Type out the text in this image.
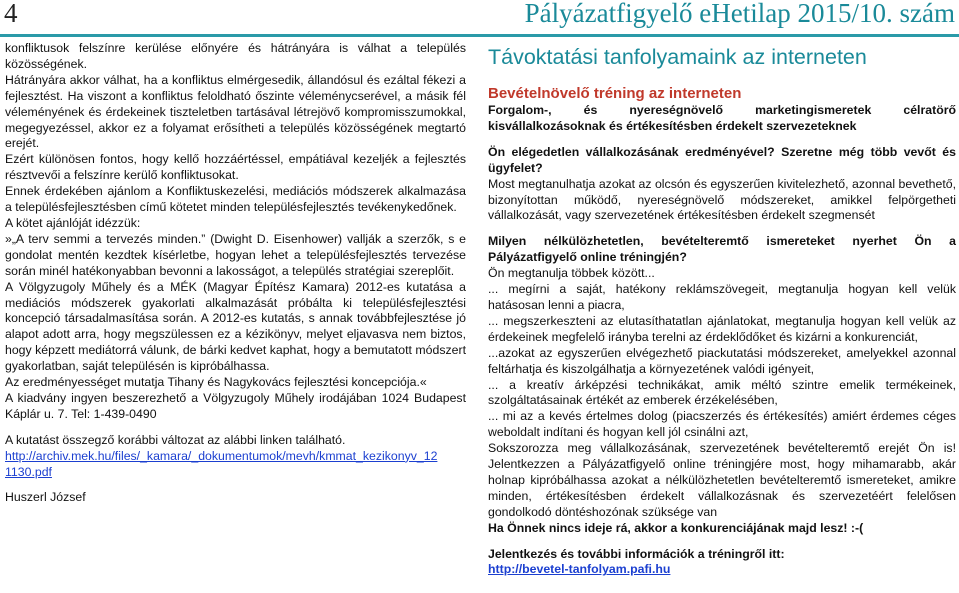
4	Pályázatfigyelő eHetilap 2015/10. szám

konfliktusok felszínre kerülése előnyére és hátrányára is válhat a település közösségének.

Hátrányára akkor válhat, ha a konfliktus elmérgesedik, állandósul és ezáltal fékezi a fejlesztést. Ha viszont a konfliktus feloldható őszinte véleménycserével, a másik fél véleményének és érdekeinek tiszteletben tartásával létrejövő kompromisszumokkal, megegyezéssel, akkor ez a folyamat erősítheti a település közösségének megtartó erejét.

Ezért különösen fontos, hogy kellő hozzáértéssel, empátiával kezeljék a fejlesztés résztvevői a felszínre kerülő konfliktusokat.

Ennek érdekében ajánlom a Konfliktuskezelési, mediációs módszerek alkalmazása a településfejlesztésben című kötetet minden településfejlesztés tevékenykedőnek.

A kötet ajánlóját idézzük:

»„A terv semmi a tervezés minden.” (Dwight D. Eisenhower) vallják a szerzők, s e gondolat mentén kezdtek kísérletbe, hogyan lehet a településfejlesztés tervezése során minél hatékonyabban bevonni a lakosságot, a település stratégiai szereplőit.

A Völgyzugoly Műhely és a MÉK (Magyar Építész Kamara) 2012-es kutatása a mediációs módszerek gyakorlati alkalmazását próbálta ki településfejlesztési koncepció társadalmasítása során. A 2012-es kutatás, s annak továbbfejlesztése jó alapot adott arra, hogy megszülessen ez a kézikönyv, melyet eljavasva nem biztos, hogy képzett mediátorrá válunk, de bárki kedvet kaphat, hogy a bemutatott módszert gyakorlatban, saját településén is kipróbálhassa.

Az eredményességet mutatja Tihany és Nagykovács fejlesztési koncepciója.«

A kiadvány ingyen beszerezhető a Völgyzugoly Műhely irodájában 1024 Budapest Káplár u. 7. Tel: 1-439-0490

A kutatást összegző korábbi változat az alábbi linken található.

http://archiv.mek.hu/files/_kamara/_dokumentumok/mevh/kmmat_kezikonyv_12 1130.pdf

Huszerl József

Távoktatási tanfolyamaink az interneten

Bevételnövelő tréning az interneten

Forgalom-, és nyereségnövelő marketingismeretek célratörő kisvállalkozásoknak és értékesítésben érdekelt szervezeteknek

Ön elégedetlen vállalkozásának eredményével? Szeretne még több vevőt és ügyfelet?

Most megtanulhatja azokat az olcsón és egyszerűen kivitelezhető, azonnal bevethető, bizonyítottan működő, nyereségnövelő módszereket, amikkel felpörgetheti vállalkozását, vagy szervezetének értékesítésben érdekelt szegmensét

Milyen nélkülözhetetlen, bevételteremtő ismereteket nyerhet Ön a Pályázatfigyelő online tréningjén?

Ön megtanulja többek között...

... megírni a saját, hatékony reklámszövegeit, megtanulja hogyan kell velük hatásosan lenni a piacra,

... megszerkeszteni az elutasíthatatlan ajánlatokat, megtanulja hogyan kell velük az érdekeinek megfelelő irányba terelni az érdeklődőket és kizárni a konkurenciát,

...azokat az egyszerűen elvégezhető piackutatási módszereket, amelyekkel azonnal feltárhatja és kiszolgálhatja a környezetének valódi igényeit,

... a kreatív árképzési technikákat, amik méltó szintre emelik termékeinek, szolgáltatásainak értékét az emberek érzékelésében,

... mi az a kevés értelmes dolog (piacszerzés és értékesítés) amiért érdemes céges weboldalt indítani és hogyan kell jól csinálni azt,

Sokszorozza meg vállalkozásának, szervezetének bevételteremtő erejét Ön is! Jelentkezzen a Pályázatfigyelő online tréningjére most, hogy mihamarabb, akár holnap kipróbálhassa azokat a nélkülözhetetlen bevételteremtő ismereteket, amikre minden, értékesítésben érdekelt vállalkozásnak és szervezetéért felelősen gondolkodó döntéshozónak szüksége van

Ha Önnek nincs ideje rá, akkor a konkurenciájának majd lesz! :-(

Jelentkezés és további információk a tréningről itt:

http://bevetel-tanfolyam.pafi.hu
